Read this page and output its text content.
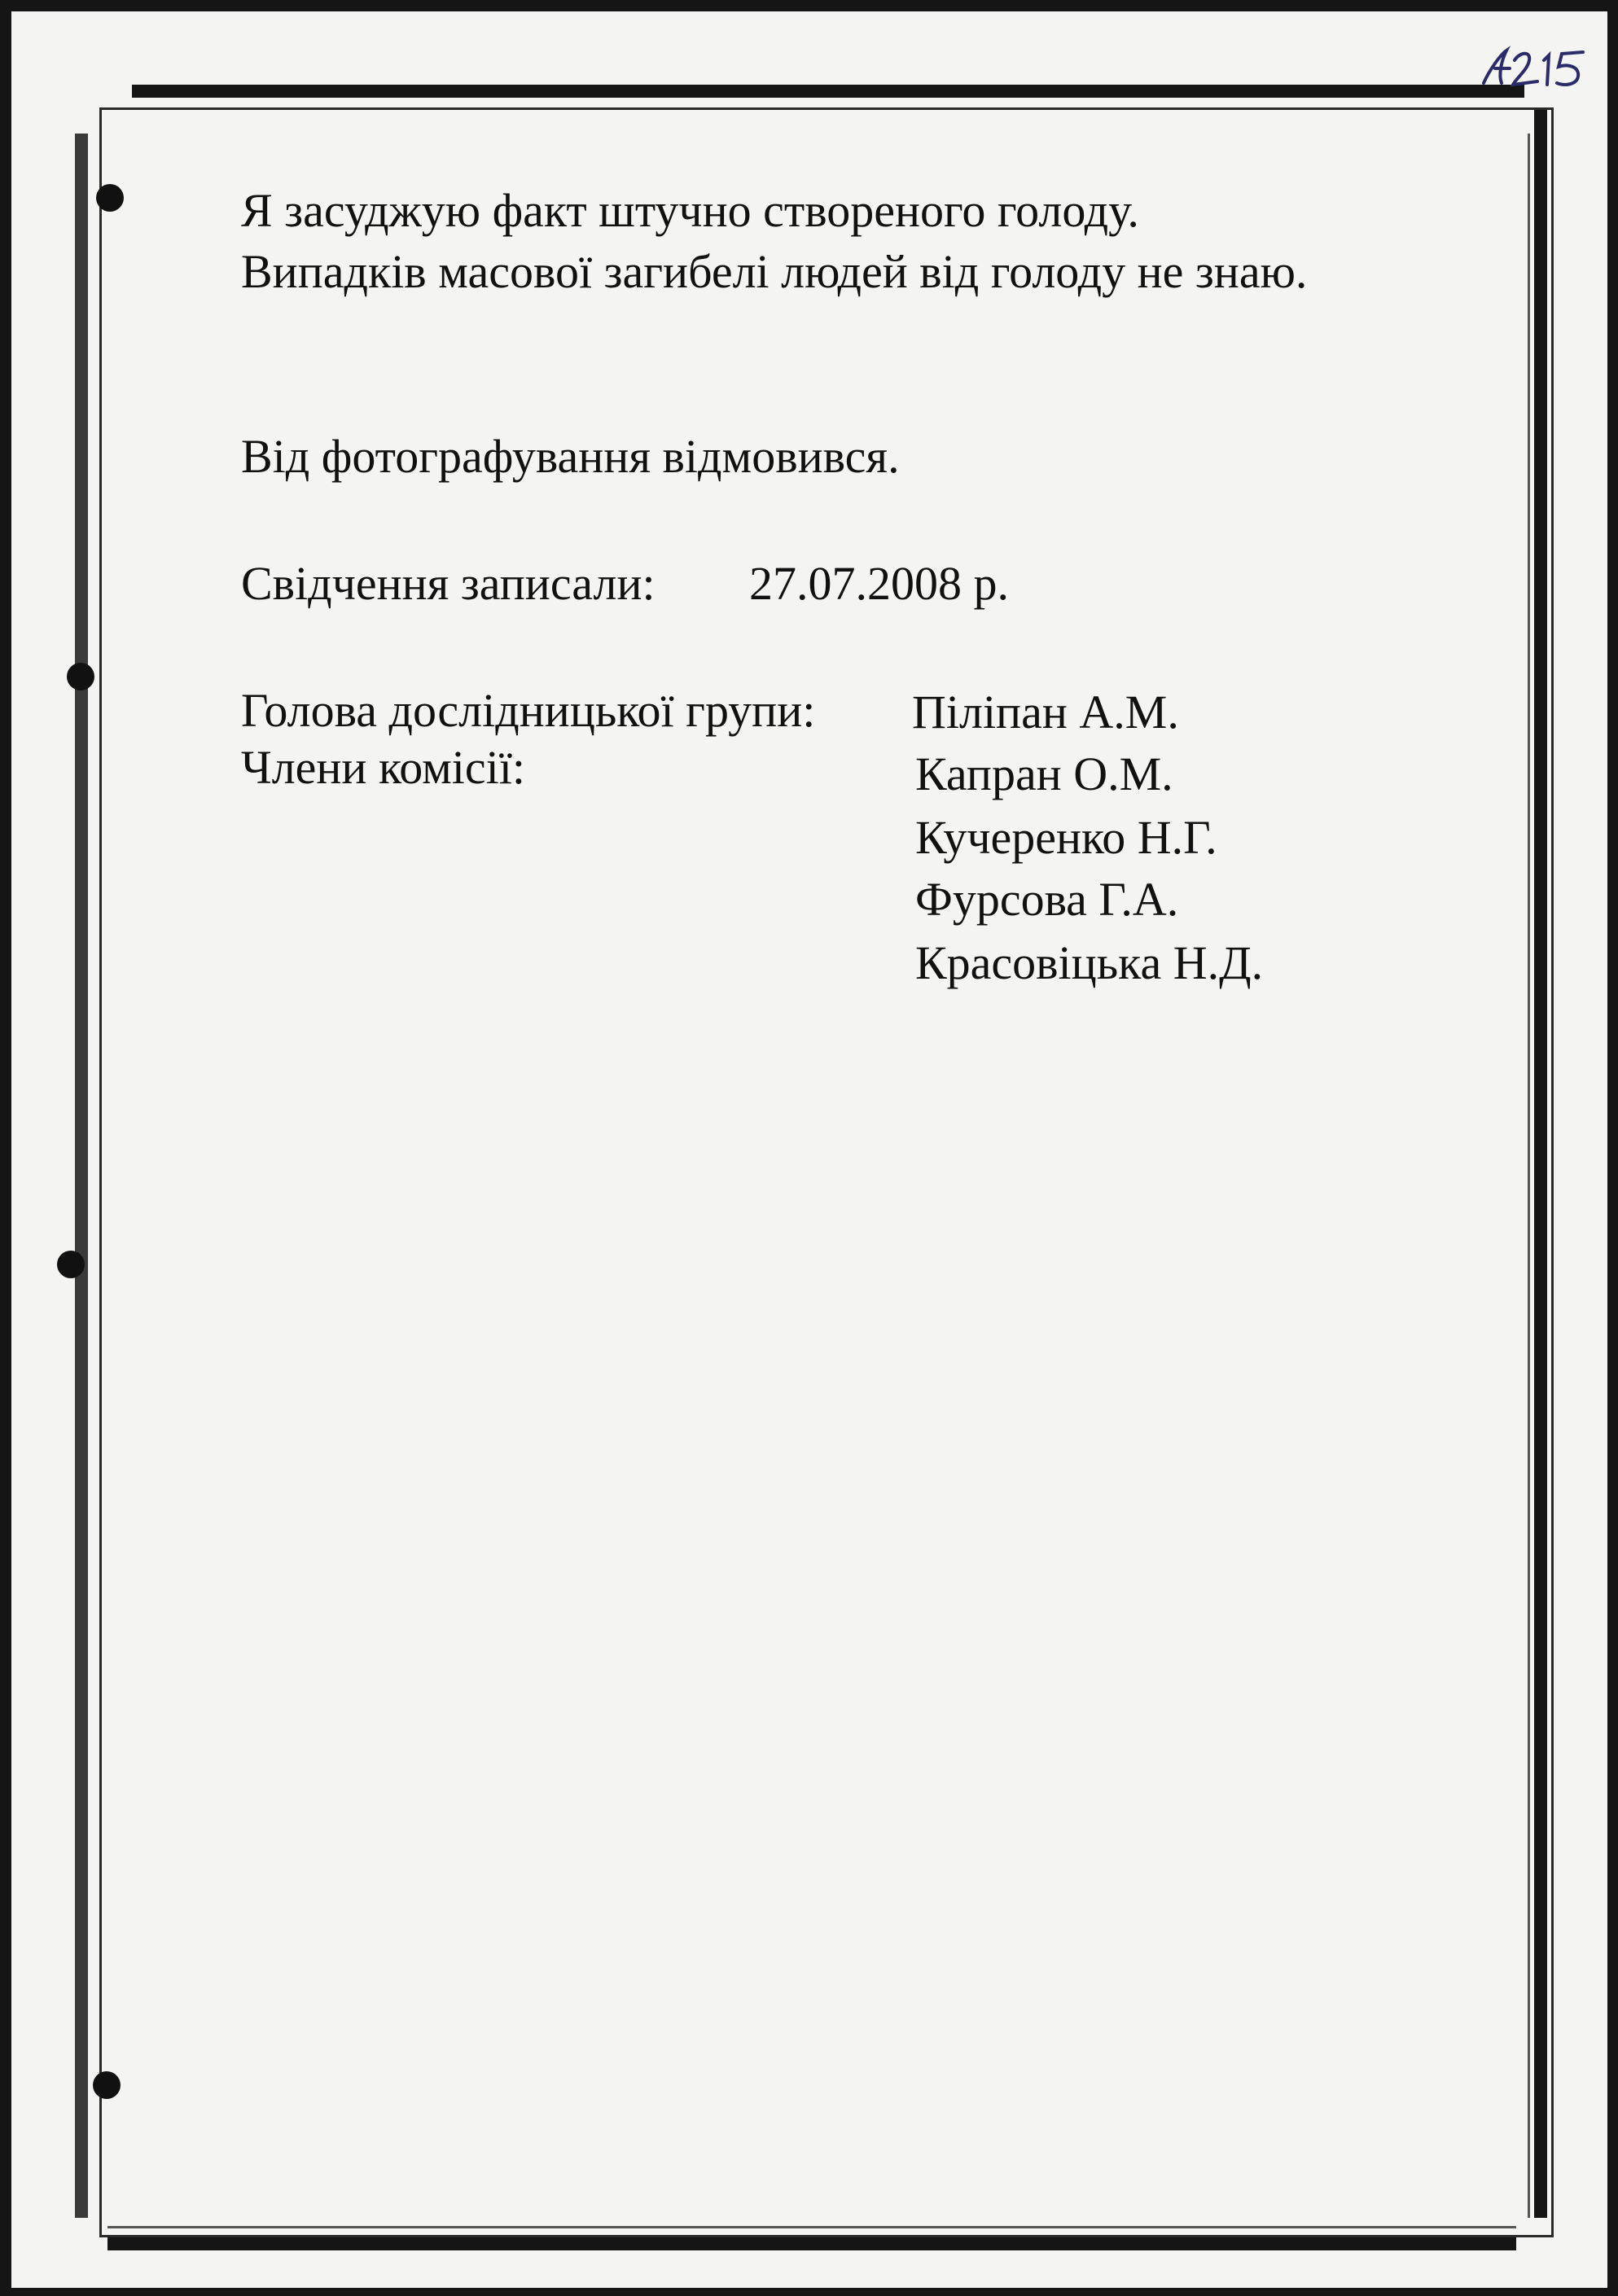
Я засуджую факт штучно створеного голоду.
Випадків масової загибелі людей від голоду не знаю.
Від фотографування відмовився.
Свідчення записали: 27.07.2008 р.
Голова дослідницької групи: Піліпан А.М.
Члени комісії:	Капран О.М.
Кучеренко Н.Г.
Фурсова Г.А.
Красовіцька Н.Д.
